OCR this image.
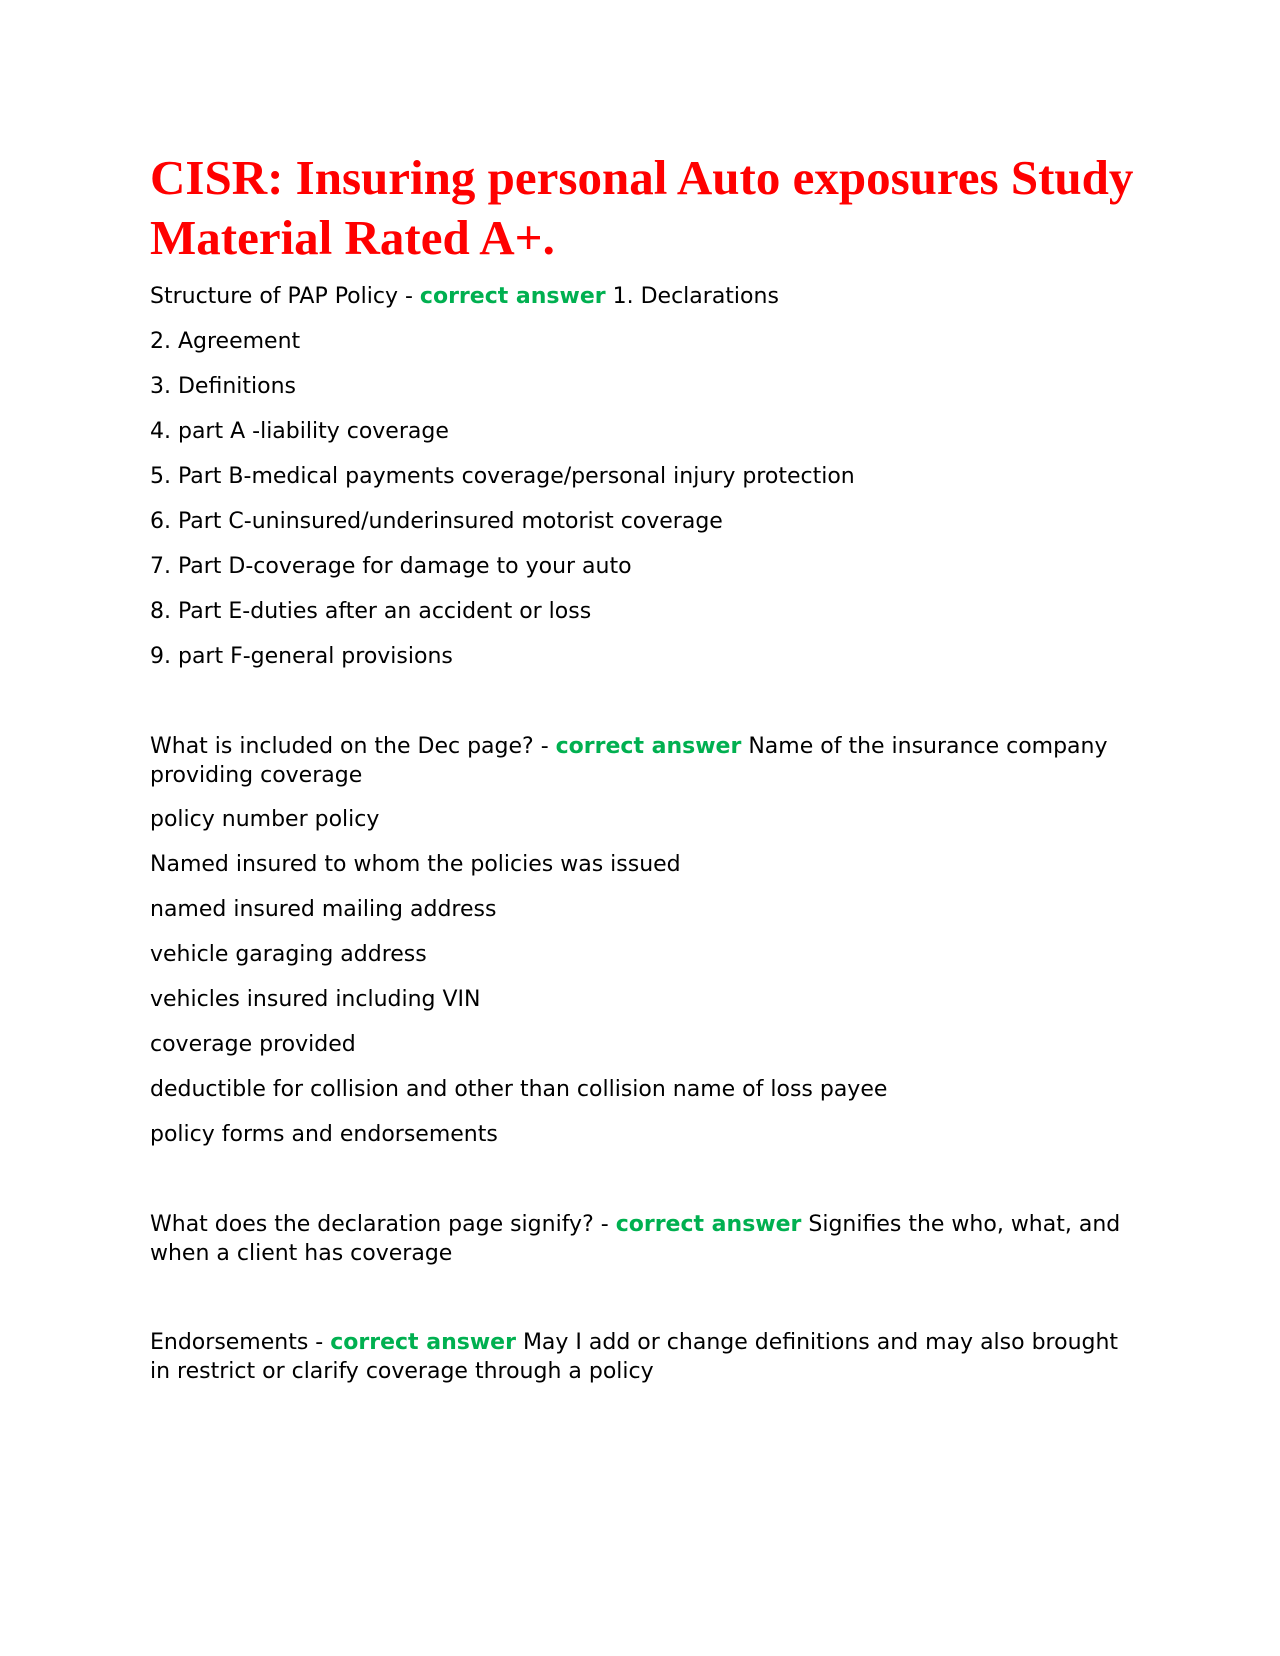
CISR: Insuring personal Auto exposures Study Material Rated A+.

Structure of PAP Policy - correct answer 1. Declarations

2. Agreement

3. Definitions

4. part A -liability coverage

5. Part B-medical payments coverage/personal injury protection

6. Part C-uninsured/underinsured motorist coverage

7. Part D-coverage for damage to your auto

8. Part E-duties after an accident or loss

9. part F-general provisions

What is included on the Dec page? - correct answer Name of the insurance company providing coverage

policy number policy

Named insured to whom the policies was issued

named insured mailing address

vehicle garaging address

vehicles insured including VIN

coverage provided

deductible for collision and other than collision name of loss payee

policy forms and endorsements

What does the declaration page signify? - correct answer Signifies the who, what, and when a client has coverage

Endorsements - correct answer May I add or change definitions and may also brought in restrict or clarify coverage through a policy
